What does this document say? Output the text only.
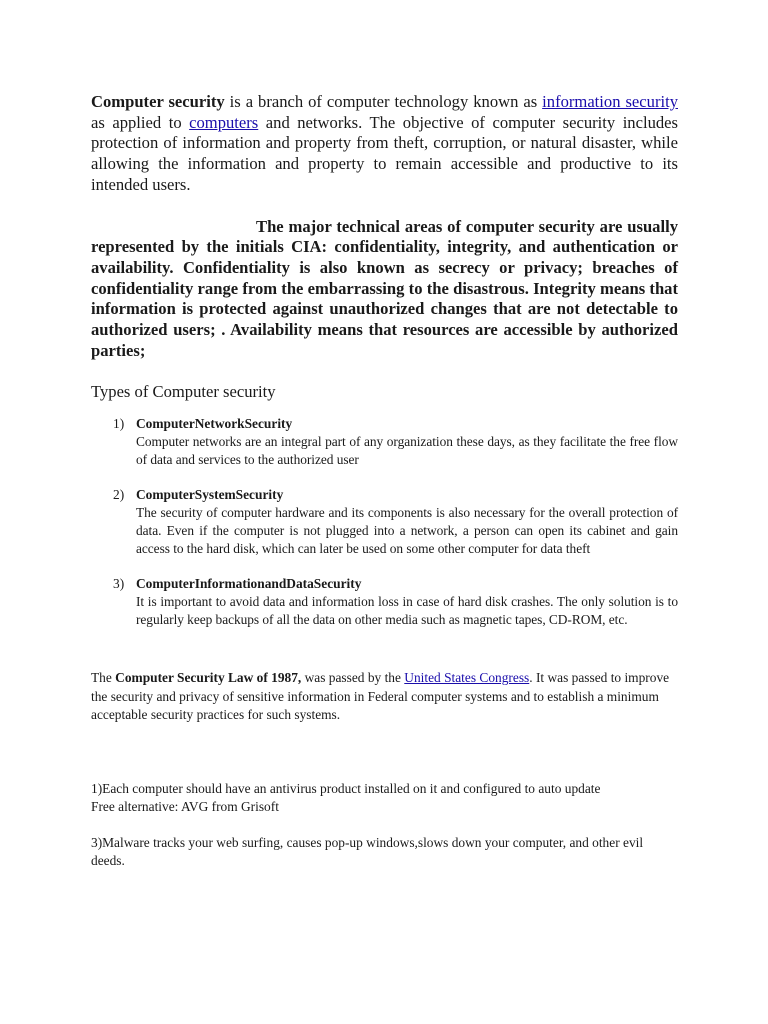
Computer security is a branch of computer technology known as information security as applied to computers and networks. The objective of computer security includes protection of information and property from theft, corruption, or natural disaster, while allowing the information and property to remain accessible and productive to its intended users.

The major technical areas of computer security are usually represented by the initials CIA: confidentiality, integrity, and authentication or availability. Confidentiality is also known as secrecy or privacy; breaches of confidentiality range from the embarrassing to the disastrous. Integrity means that information is protected against unauthorized changes that are not detectable to authorized users; . Availability means that resources are accessible by authorized parties;

Types of Computer security

1) ComputerNetworkSecurity
Computer networks are an integral part of any organization these days, as they facilitate the free flow of data and services to the authorized user
2) ComputerSystemSecurity
The security of computer hardware and its components is also necessary for the overall protection of data. Even if the computer is not plugged into a network, a person can open its cabinet and gain access to the hard disk, which can later be used on some other computer for data theft
3) ComputerInformationandDataSecurity
It is important to avoid data and information loss in case of hard disk crashes. The only solution is to regularly keep backups of all the data on other media such as magnetic tapes, CD-ROM, etc.

The Computer Security Law of 1987, was passed by the United States Congress. It was passed to improve the security and privacy of sensitive information in Federal computer systems and to establish a minimum acceptable security practices for such systems.

1)Each computer should have an antivirus product installed on it and configured to auto update
Free alternative: AVG from Grisoft

3)Malware tracks your web surfing, causes pop-up windows,slows down your computer, and other evil deeds.
